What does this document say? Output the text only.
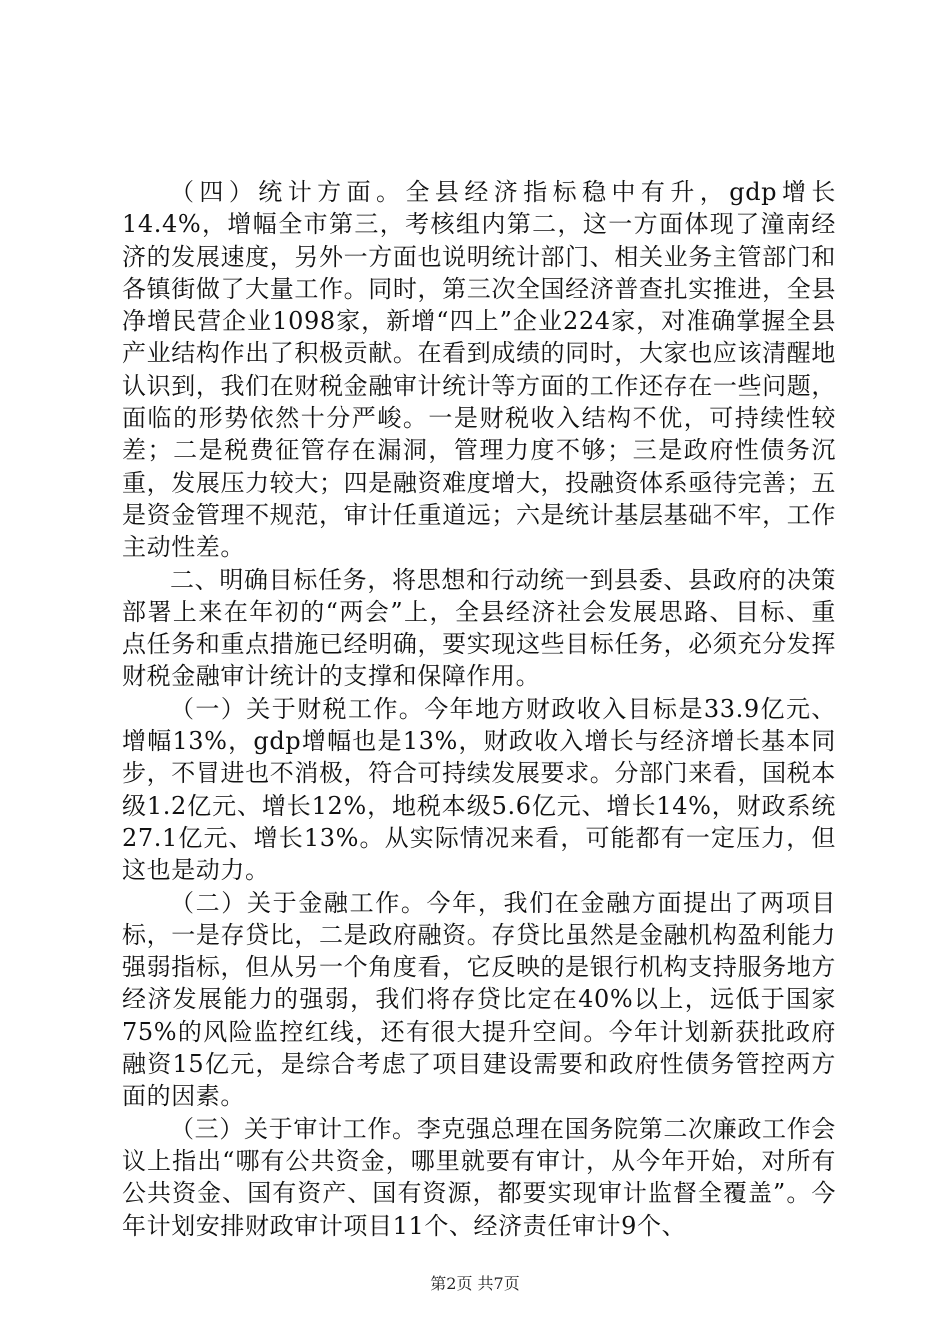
（四）统计方面。全县经济指标稳中有升，gdp增长14.4%，增幅全市第三，考核组内第二，这一方面体现了潼南经济的发展速度，另外一方面也说明统计部门、相关业务主管部门和各镇街做了大量工作。同时，第三次全国经济普查扎实推进，全县净增民营企业1098家，新增“四上”企业224家，对准确掌握全县产业结构作出了积极贡献。在看到成绩的同时，大家也应该清醒地认识到，我们在财税金融审计统计等方面的工作还存在一些问题，面临的形势依然十分严峻。一是财税收入结构不优，可持续性较差；二是税费征管存在漏洞，管理力度不够；三是政府性债务沉重，发展压力较大；四是融资难度增大，投融资体系亟待完善；五是资金管理不规范，审计任重道远；六是统计基层基础不牢，工作主动性差。

二、明确目标任务，将思想和行动统一到县委、县政府的决策部署上来在年初的“两会”上，全县经济社会发展思路、目标、重点任务和重点措施已经明确，要实现这些目标任务，必须充分发挥财税金融审计统计的支撑和保障作用。

（一）关于财税工作。今年地方财政收入目标是33.9亿元、增幅13%，gdp增幅也是13%，财政收入增长与经济增长基本同步，不冒进也不消极，符合可持续发展要求。分部门来看，国税本级1.2亿元、增长12%，地税本级5.6亿元、增长14%，财政系统27.1亿元、增长13%。从实际情况来看，可能都有一定压力，但这也是动力。

（二）关于金融工作。今年，我们在金融方面提出了两项目标，一是存贷比，二是政府融资。存贷比虽然是金融机构盈利能力强弱指标，但从另一个角度看，它反映的是银行机构支持服务地方经济发展能力的强弱，我们将存贷比定在40%以上，远低于国家75%的风险监控红线，还有很大提升空间。今年计划新获批政府融资15亿元，是综合考虑了项目建设需要和政府性债务管控两方面的因素。

（三）关于审计工作。李克强总理在国务院第二次廉政工作会议上指出“哪有公共资金，哪里就要有审计，从今年开始，对所有公共资金、国有资产、国有资源，都要实现审计监督全覆盖”。今年计划安排财政审计项目11个、经济责任审计9个、

第2页 共7页
